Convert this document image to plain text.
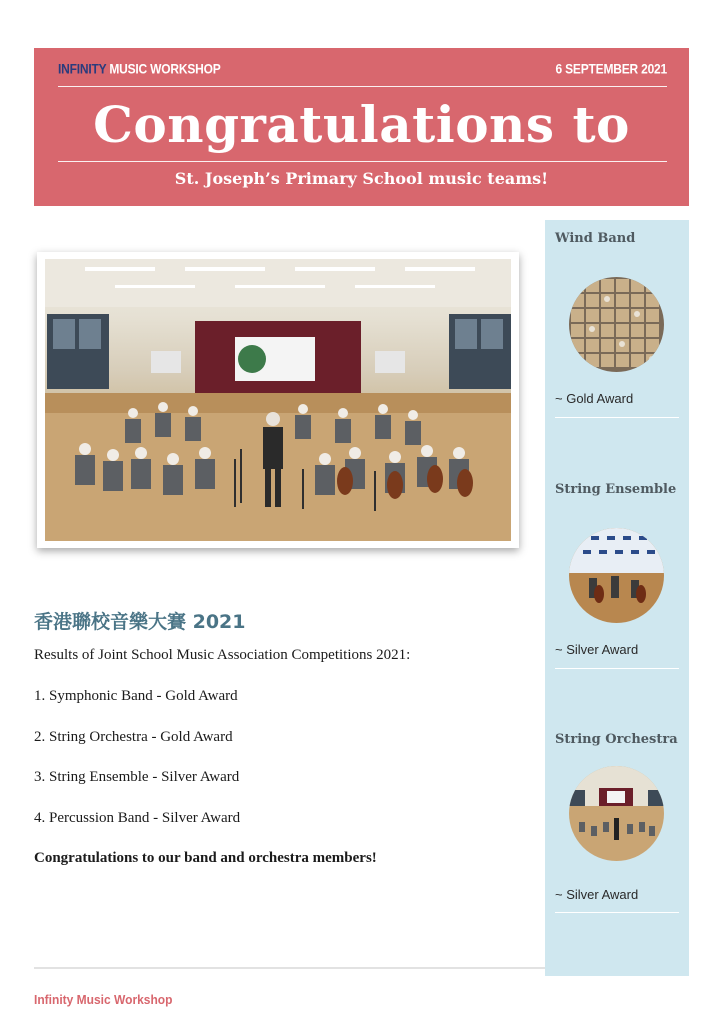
INFINITY MUSIC WORKSHOP	6 SEPTEMBER 2021
Congratulations to
St. Joseph’s Primary School music teams!
香港聯校音樂大賽 2021
Results of Joint School Music Association Competitions 2021:
1. Symphonic Band - Gold Award
2. String Orchestra - Gold Award
3. String Ensemble - Silver Award
4. Percussion Band - Silver Award
Congratulations to our band and orchestra members!
Wind Band
~ Gold Award
String Ensemble
~ Silver Award
String Orchestra
~ Silver Award
Infinity Music Workshop
